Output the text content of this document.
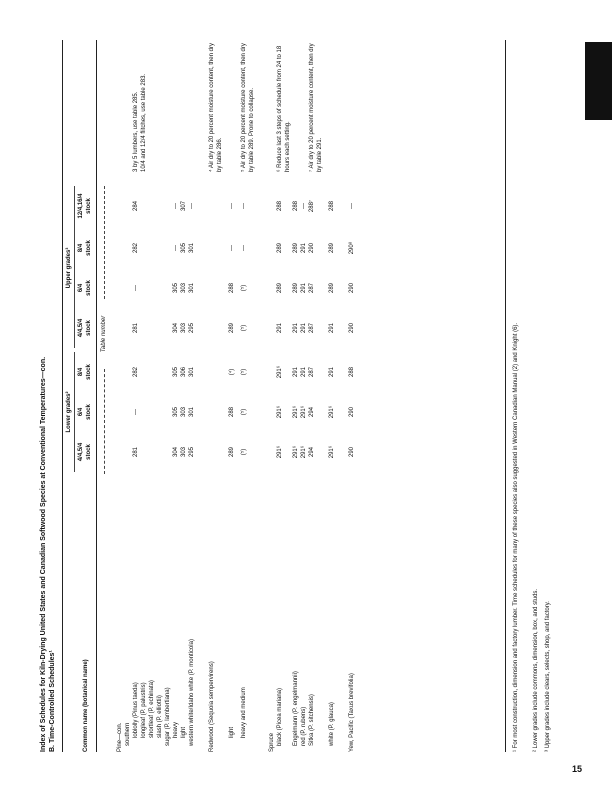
15
Index of Schedules for Kiln-Drying United States and Canadian Softwood Species at Conventional Temperatures—con. B. Time-Controlled Schedules¹
Lower grades²
Upper grades³
Common name (botanical name)
4/4,5/4
stock
6/4
stock
8/4
stock
4/4,5/4
stock
6/4
stock
8/4
stock
12/4,16/4
stock
Table number
Pine—con. southern loblolly (Pinus taeda)
281
—
282
281
—
282
284
3 by 5 lumbers, use table 285.
longleaf (P. palustris)
10/4 and 12/4 flitches, use table 283.
shortleaf (P. echinata) slash (P. elliottii) sugar (P. lambertiana) heavy
304
305
305
304
305
—
—
light
303
303
306
303
303
305
307
western white/Idaho white (P. monticola)
295
301
301
295
301
301
—
Redwood (Sequoia sempervirens)
⁴ Air dry to 20 percent moisture content, then dry by table 286.
light
289
288
(⁴)
289
288
—
—
heavy and medium
(⁵)
(⁵)
(⁵)
(⁵)
(⁵)
—
—
⁵ Air dry to 20 percent moisture content, then dry by table 289. Prone to collapse.
Spruce black (Picea mariana)
291⁶
291⁶
291⁶
291
289
289
288
⁶ Reduce last 3 steps of schedule from 24 to 18 hours each setting.
Engelmann (P. engelmannii)
291⁶
291⁶
291
291
289
289
288
red (P. rubens)
291⁶
291⁶
291
291
291
291
—
Sitka (P. sitchensis)
294
294
287
287
287
290
288⁷
⁷ Air dry to 20 percent moisture content, then dry by table 291.
white (P. glauca)
291⁶
291⁶
291
291
289
289
288
Yew, Pacific (Taxus brevifolia)
290
290
288
290
290
290⁸
—
¹ For most construction, dimension and factory lumber. Time schedules for many of these species also suggested in Western Canadian Manual (2) and Knight (6). ² Lower grades include commons, dimension, box, and studs. ³ Upper grades include clears, selects, shop, and factory.
